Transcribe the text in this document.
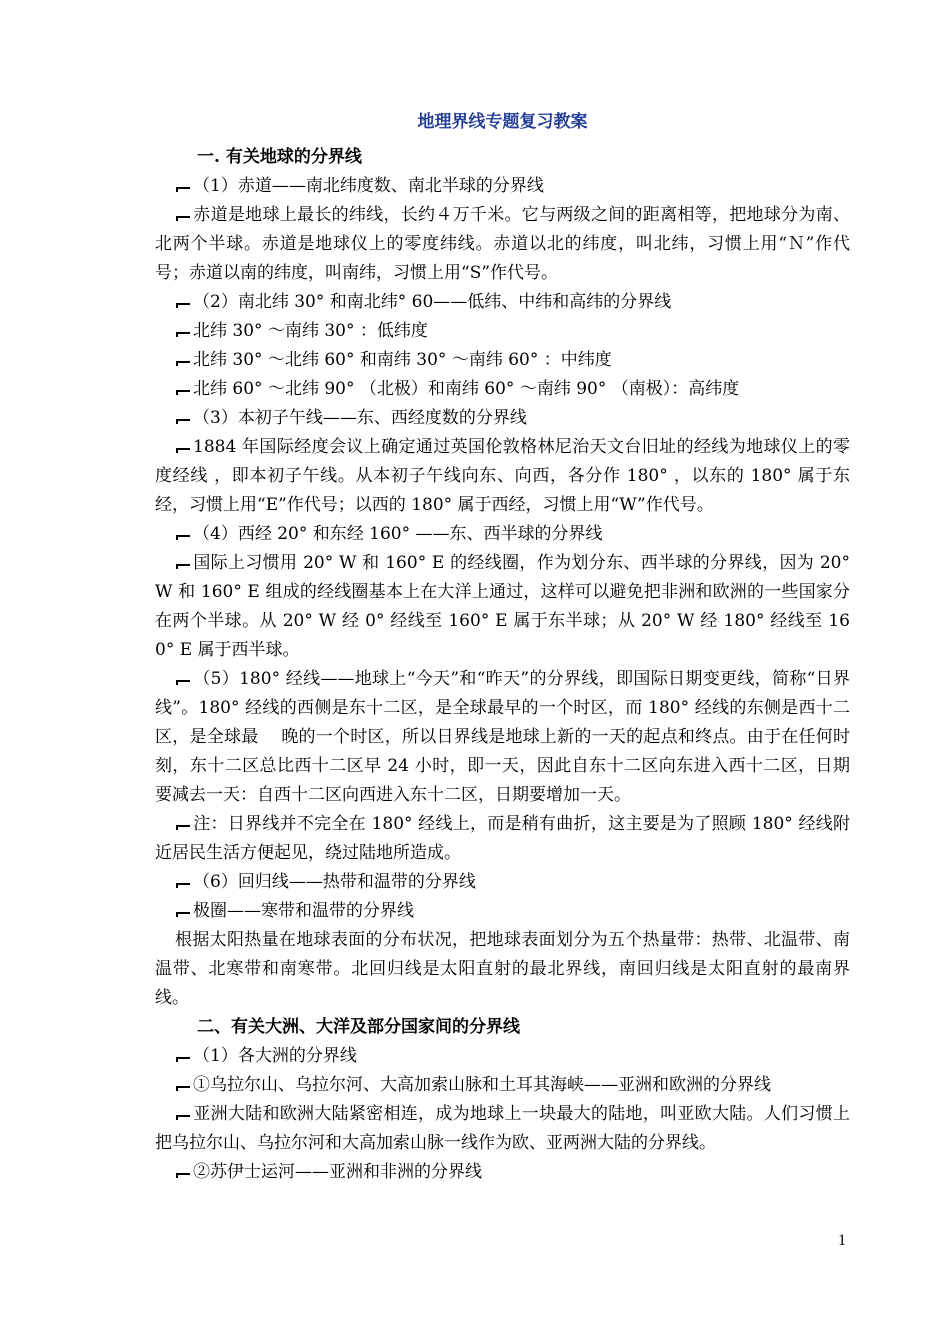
地理界线专题复习教案
一. 有关地球的分界线

（1）赤道——南北纬度数、南北半球的分界线

赤道是地球上最长的纬线，长约４万千米。它与两级之间的距离相等，把地球分为南、北两个半球。赤道是地球仪上的零度纬线。赤道以北的纬度，叫北纬，习惯上用“Ｎ”作代号；赤道以南的纬度，叫南纬，习惯上用“S”作代号。

（2）南北纬 30° 和南北纬° 60——低纬、中纬和高纬的分界线

北纬 30° ～南纬 30° ：低纬度

北纬 30° ～北纬 60° 和南纬 30° ～南纬 60° ：中纬度

北纬 60° ～北纬 90° （北极）和南纬 60° ～南纬 90° （南极）：高纬度

（3）本初子午线——东、西经度数的分界线

1884 年国际经度会议上确定通过英国伦敦格林尼治天文台旧址的经线为地球仪上的零度经线 ，即本初子午线。从本初子午线向东、向西，各分作 180° ，以东的 180° 属于东经，习惯上用“E”作代号；以西的 180° 属于西经，习惯上用“W”作代号。

（4）西经 20° 和东经 160° ——东、西半球的分界线

国际上习惯用 20° W 和 160° E 的经线圈，作为划分东、西半球的分界线，因为 20° W 和 160° E 组成的经线圈基本上在大洋上通过，这样可以避免把非洲和欧洲的一些国家分在两个半球。从 20° W 经 0° 经线至 160° E 属于东半球；从 20° W 经 180° 经线至 160° E 属于西半球。

（5）180° 经线——地球上“今天”和“昨天”的分界线，即国际日期变更线，简称“日界线”。180° 经线的西侧是东十二区，是全球最早的一个时区，而 180° 经线的东侧是西十二区，是全球最　 晚的一个时区，所以日界线是地球上新的一天的起点和终点。由于在任何时刻，东十二区总比西十二区早 24 小时，即一天，因此自东十二区向东进入西十二区，日期要减去一天：自西十二区向西进入东十二区，日期要增加一天。

注：日界线并不完全在 180° 经线上，而是稍有曲折，这主要是为了照顾 180° 经线附近居民生活方便起见，绕过陆地所造成。

（6）回归线——热带和温带的分界线

极圈——寒带和温带的分界线

根据太阳热量在地球表面的分布状况，把地球表面划分为五个热量带：热带、北温带、南温带、北寒带和南寒带。北回归线是太阳直射的最北界线，南回归线是太阳直射的最南界线。

二、有关大洲、大洋及部分国家间的分界线

（1）各大洲的分界线

①乌拉尔山、乌拉尔河、大高加索山脉和土耳其海峡——亚洲和欧洲的分界线

亚洲大陆和欧洲大陆紧密相连，成为地球上一块最大的陆地，叫亚欧大陆。人们习惯上把乌拉尔山、乌拉尔河和大高加索山脉一线作为欧、亚两洲大陆的分界线。

②苏伊士运河——亚洲和非洲的分界线

1
